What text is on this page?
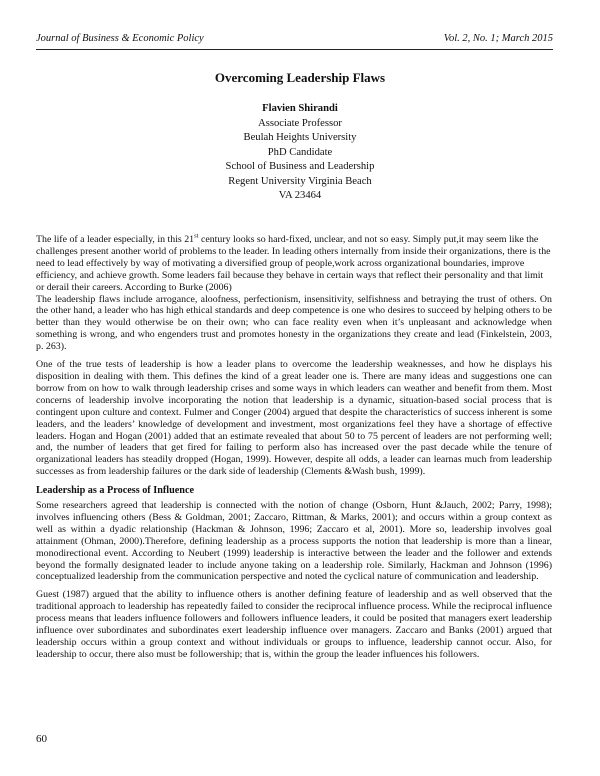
Journal of Business & Economic Policy	Vol. 2, No. 1; March 2015
Overcoming Leadership Flaws
Flavien Shirandi
Associate Professor
Beulah Heights University
PhD Candidate
School of Business and Leadership
Regent University Virginia Beach
VA 23464

The life of a leader especially, in this 21st century looks so hard-fixed, unclear, and not so easy. Simply put,it may seem like the challenges present another world of problems to the leader. In leading others internally from inside their organizations, there is the need to lead effectively by way of motivating a diversified group of people,work across organizational boundaries, improve efficiency, and achieve growth. Some leaders fail because they behave in certain ways that reflect their personality and that limit or derail their careers. According to Burke (2006)

The leadership flaws include arrogance, aloofness, perfectionism, insensitivity, selfishness and betraying the trust of others. On the other hand, a leader who has high ethical standards and deep competence is one who desires to succeed by helping others to be better than they would otherwise be on their own; who can face reality even when it’s unpleasant and acknowledge when something is wrong, and who engenders trust and promotes honesty in the organizations they create and lead (Finkelstein, 2003, p. 263).

One of the true tests of leadership is how a leader plans to overcome the leadership weaknesses, and how he displays his disposition in dealing with them. This defines the kind of a great leader one is. There are many ideas and suggestions one can borrow from on how to walk through leadership crises and some ways in which leaders can weather and benefit from them. Most concerns of leadership involve incorporating the notion that leadership is a dynamic, situation-based social process that is contingent upon culture and context. Fulmer and Conger (2004) argued that despite the characteristics of success inherent is some leaders, and the leaders’ knowledge of development and investment, most organizations feel they have a shortage of effective leaders. Hogan and Hogan (2001) added that an estimate revealed that about 50 to 75 percent of leaders are not performing well; and, the number of leaders that get fired for failing to perform also has increased over the past decade while the tenure of organizational leaders has steadily dropped (Hogan, 1999). However, despite all odds, a leader can learnas much from leadership successes as from leadership failures or the dark side of leadership (Clements &Wash bush, 1999).

Leadership as a Process of Influence

Some researchers agreed that leadership is connected with the notion of change (Osborn, Hunt &Jauch, 2002; Parry, 1998); involves influencing others (Bess & Goldman, 2001; Zaccaro, Rittman, & Marks, 2001); and occurs within a group context as well as within a dyadic relationship (Hackman & Johnson, 1996; Zaccaro et al, 2001). More so, leadership involves goal attainment (Ohman, 2000).Therefore, defining leadership as a process supports the notion that leadership is more than a linear, monodirectional event. According to Neubert (1999) leadership is interactive between the leader and the follower and extends beyond the formally designated leader to include anyone taking on a leadership role. Similarly, Hackman and Johnson (1996) conceptualized leadership from the communication perspective and noted the cyclical nature of communication and leadership.

Guest (1987) argued that the ability to influence others is another defining feature of leadership and as well observed that the traditional approach to leadership has repeatedly failed to consider the reciprocal influence process. While the reciprocal influence process means that leaders influence followers and followers influence leaders, it could be posited that managers exert leadership influence over subordinates and subordinates exert leadership influence over managers. Zaccaro and Banks (2001) argued that leadership occurs within a group context and without individuals or groups to influence, leadership cannot occur. Also, for leadership to occur, there also must be followership; that is, within the group the leader influences his followers.

60
